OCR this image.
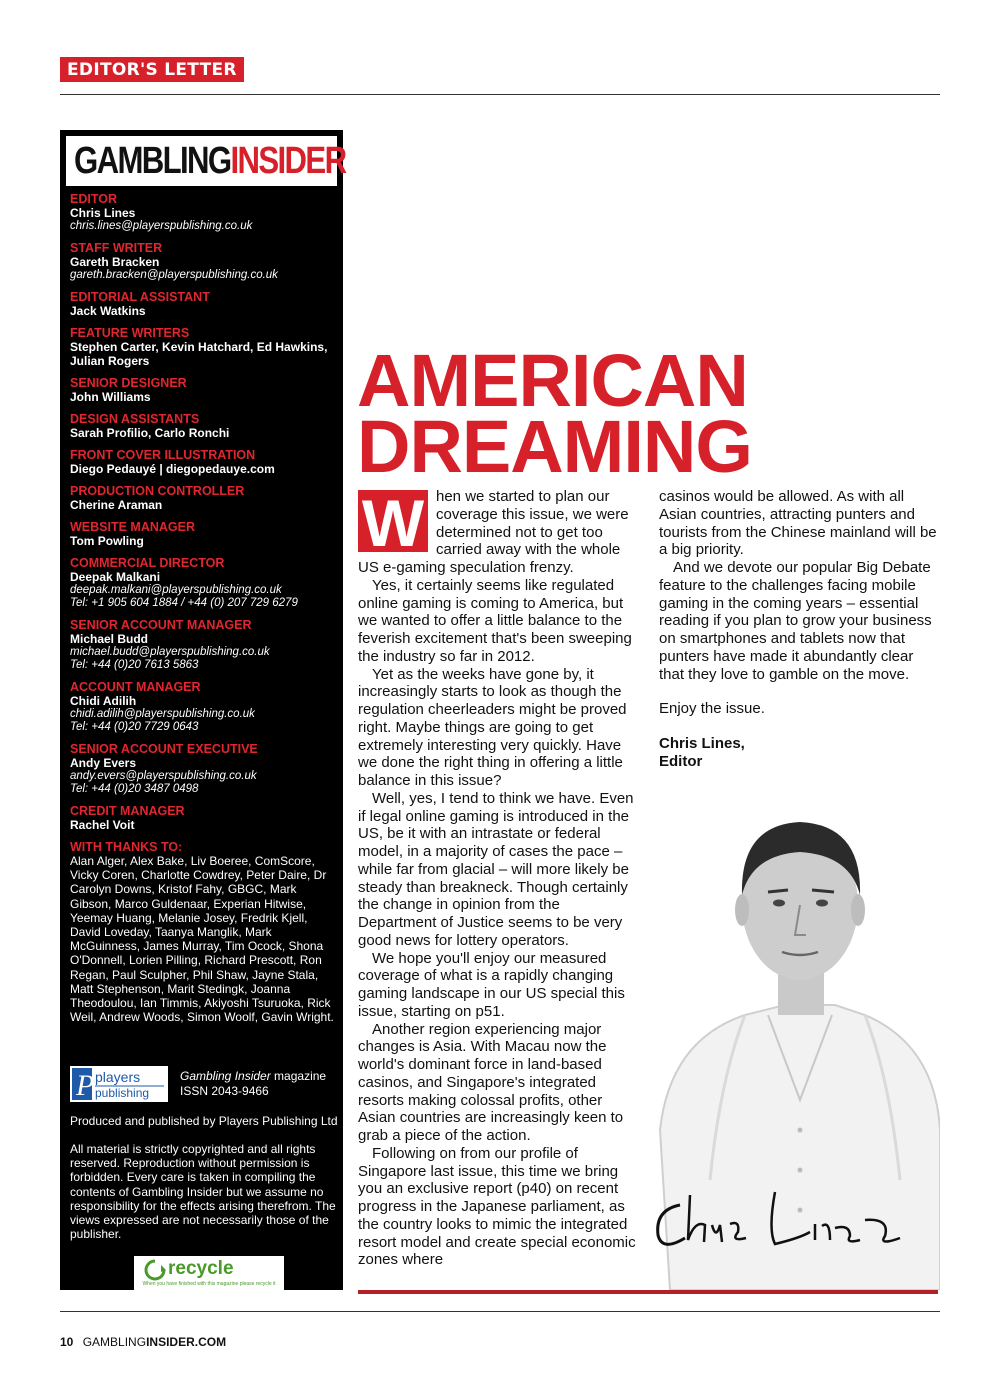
EDITOR'S LETTER
GAMBLINGINSIDER
EDITOR
Chris Lines
chris.lines@playerspublishing.co.uk
STAFF WRITER
Gareth Bracken
gareth.bracken@playerspublishing.co.uk
EDITORIAL ASSISTANT
Jack Watkins
FEATURE WRITERS
Stephen Carter, Kevin Hatchard, Ed Hawkins, Julian Rogers
SENIOR DESIGNER
John Williams
DESIGN ASSISTANTS
Sarah Profilio, Carlo Ronchi
FRONT COVER ILLUSTRATION
Diego Pedauyé | diegopedauye.com
PRODUCTION CONTROLLER
Cherine Araman
WEBSITE MANAGER
Tom Powling
COMMERCIAL DIRECTOR
Deepak Malkani
deepak.malkani@playerspublishing.co.uk
Tel: +1 905 604 1884 / +44 (0) 207 729 6279
SENIOR ACCOUNT MANAGER
Michael Budd
michael.budd@playerspublishing.co.uk
Tel: +44 (0)20 7613 5863
ACCOUNT MANAGER
Chidi Adilih
chidi.adilih@playerspublishing.co.uk
Tel: +44 (0)20 7729 0643
SENIOR ACCOUNT EXECUTIVE
Andy Evers
andy.evers@playerspublishing.co.uk
Tel: +44 (0)20 3487 0498
CREDIT MANAGER
Rachel Voit
WITH THANKS TO:
Alan Alger, Alex Bake, Liv Boeree, ComScore, Vicky Coren, Charlotte Cowdrey, Peter Daire, Dr Carolyn Downs, Kristof Fahy, GBGC, Mark Gibson, Marco Guldenaar, Experian Hitwise, Yeemay Huang, Melanie Josey, Fredrik Kjell, David Loveday, Taanya Manglik, Mark McGuinness, James Murray, Tim Ocock, Shona O'Donnell, Lorien Pilling, Richard Prescott, Ron Regan, Paul Sculpher, Phil Shaw, Jayne Stala, Matt Stephenson, Marit Stedingk, Joanna Theodoulou, Ian Timmis, Akiyoshi Tsuruoka, Rick Weil, Andrew Woods, Simon Woolf, Gavin Wright.
P players
publishing
Gambling Insider magazine
ISSN 2043-9466
Produced and published by Players Publishing Ltd
All material is strictly copyrighted and all rights reserved. Reproduction without permission is forbidden. Every care is taken in compiling the contents of Gambling Insider but we assume no responsibility for the effects arising therefrom. The views expressed are not necessarily those of the publisher.
recycle
When you have finished with this magazine please recycle it
AMERICAN
DREAMING
W hen we started to plan our coverage this issue, we were determined not to get too carried away with the whole US e-gaming speculation frenzy.

Yes, it certainly seems like regulated online gaming is coming to America, but we wanted to offer a little balance to the feverish excitement that's been sweeping the industry so far in 2012.

Yet as the weeks have gone by, it increasingly starts to look as though the regulation cheerleaders might be proved right. Maybe things are going to get extremely interesting very quickly. Have we done the right thing in offering a little balance in this issue?

Well, yes, I tend to think we have. Even if legal online gaming is introduced in the US, be it with an intrastate or federal model, in a majority of cases the pace – while far from glacial – will more likely be steady than breakneck. Though certainly the change in opinion from the Department of Justice seems to be very good news for lottery operators.

We hope you'll enjoy our measured coverage of what is a rapidly changing gaming landscape in our US special this issue, starting on p51.

Another region experiencing major changes is Asia. With Macau now the world's dominant force in land-based casinos, and Singapore's integrated resorts making colossal profits, other Asian countries are increasingly keen to grab a piece of the action.

Following on from our profile of Singapore last issue, this time we bring you an exclusive report (p40) on recent progress in the Japanese parliament, as the country looks to mimic the integrated resort model and create special economic zones where

casinos would be allowed. As with all Asian countries, attracting punters and tourists from the Chinese mainland will be a big priority.

And we devote our popular Big Debate feature to the challenges facing mobile gaming in the coming years – essential reading if you plan to grow your business on smartphones and tablets now that punters have made it abundantly clear that they love to gamble on the move.

Enjoy the issue.

Chris Lines,

Editor

10 GAMBLINGINSIDER.COM
